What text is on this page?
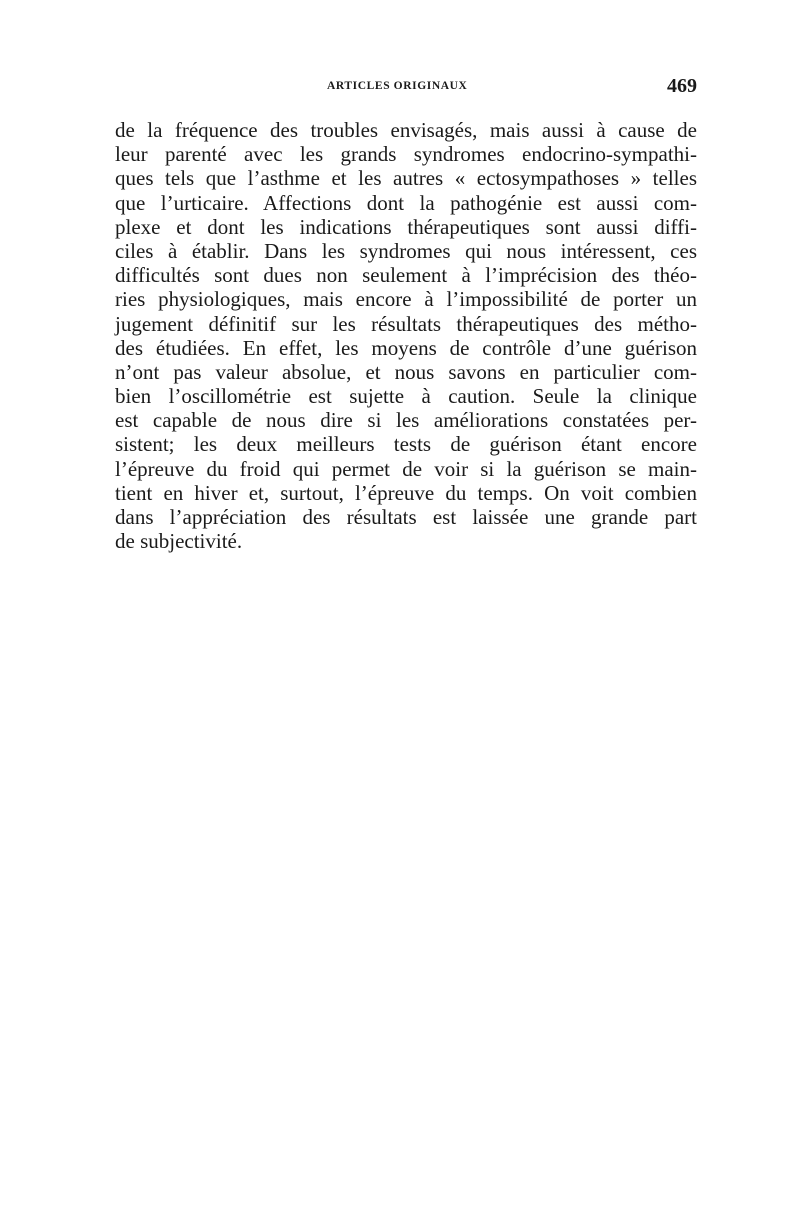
ARTICLES ORIGINAUX	469
de la fréquence des troubles envisagés, mais aussi à cause de
leur parenté avec les grands syndromes endocrino-sympathi-
ques tels que l’asthme et les autres « ectosympathoses » telles
que l’urticaire. Affections dont la pathogénie est aussi com-
plexe et dont les indications thérapeutiques sont aussi diffi-
ciles à établir. Dans les syndromes qui nous intéressent, ces
difficultés sont dues non seulement à l’imprécision des théo-
ries physiologiques, mais encore à l’impossibilité de porter un
jugement définitif sur les résultats thérapeutiques des métho-
des étudiées. En effet, les moyens de contrôle d’une guérison
n’ont pas valeur absolue, et nous savons en particulier com-
bien l’oscillométrie est sujette à caution. Seule la clinique
est capable de nous dire si les améliorations constatées per-
sistent; les deux meilleurs tests de guérison étant encore
l’épreuve du froid qui permet de voir si la guérison se main-
tient en hiver et, surtout, l’épreuve du temps. On voit combien
dans l’appréciation des résultats est laissée une grande part
de subjectivité.
